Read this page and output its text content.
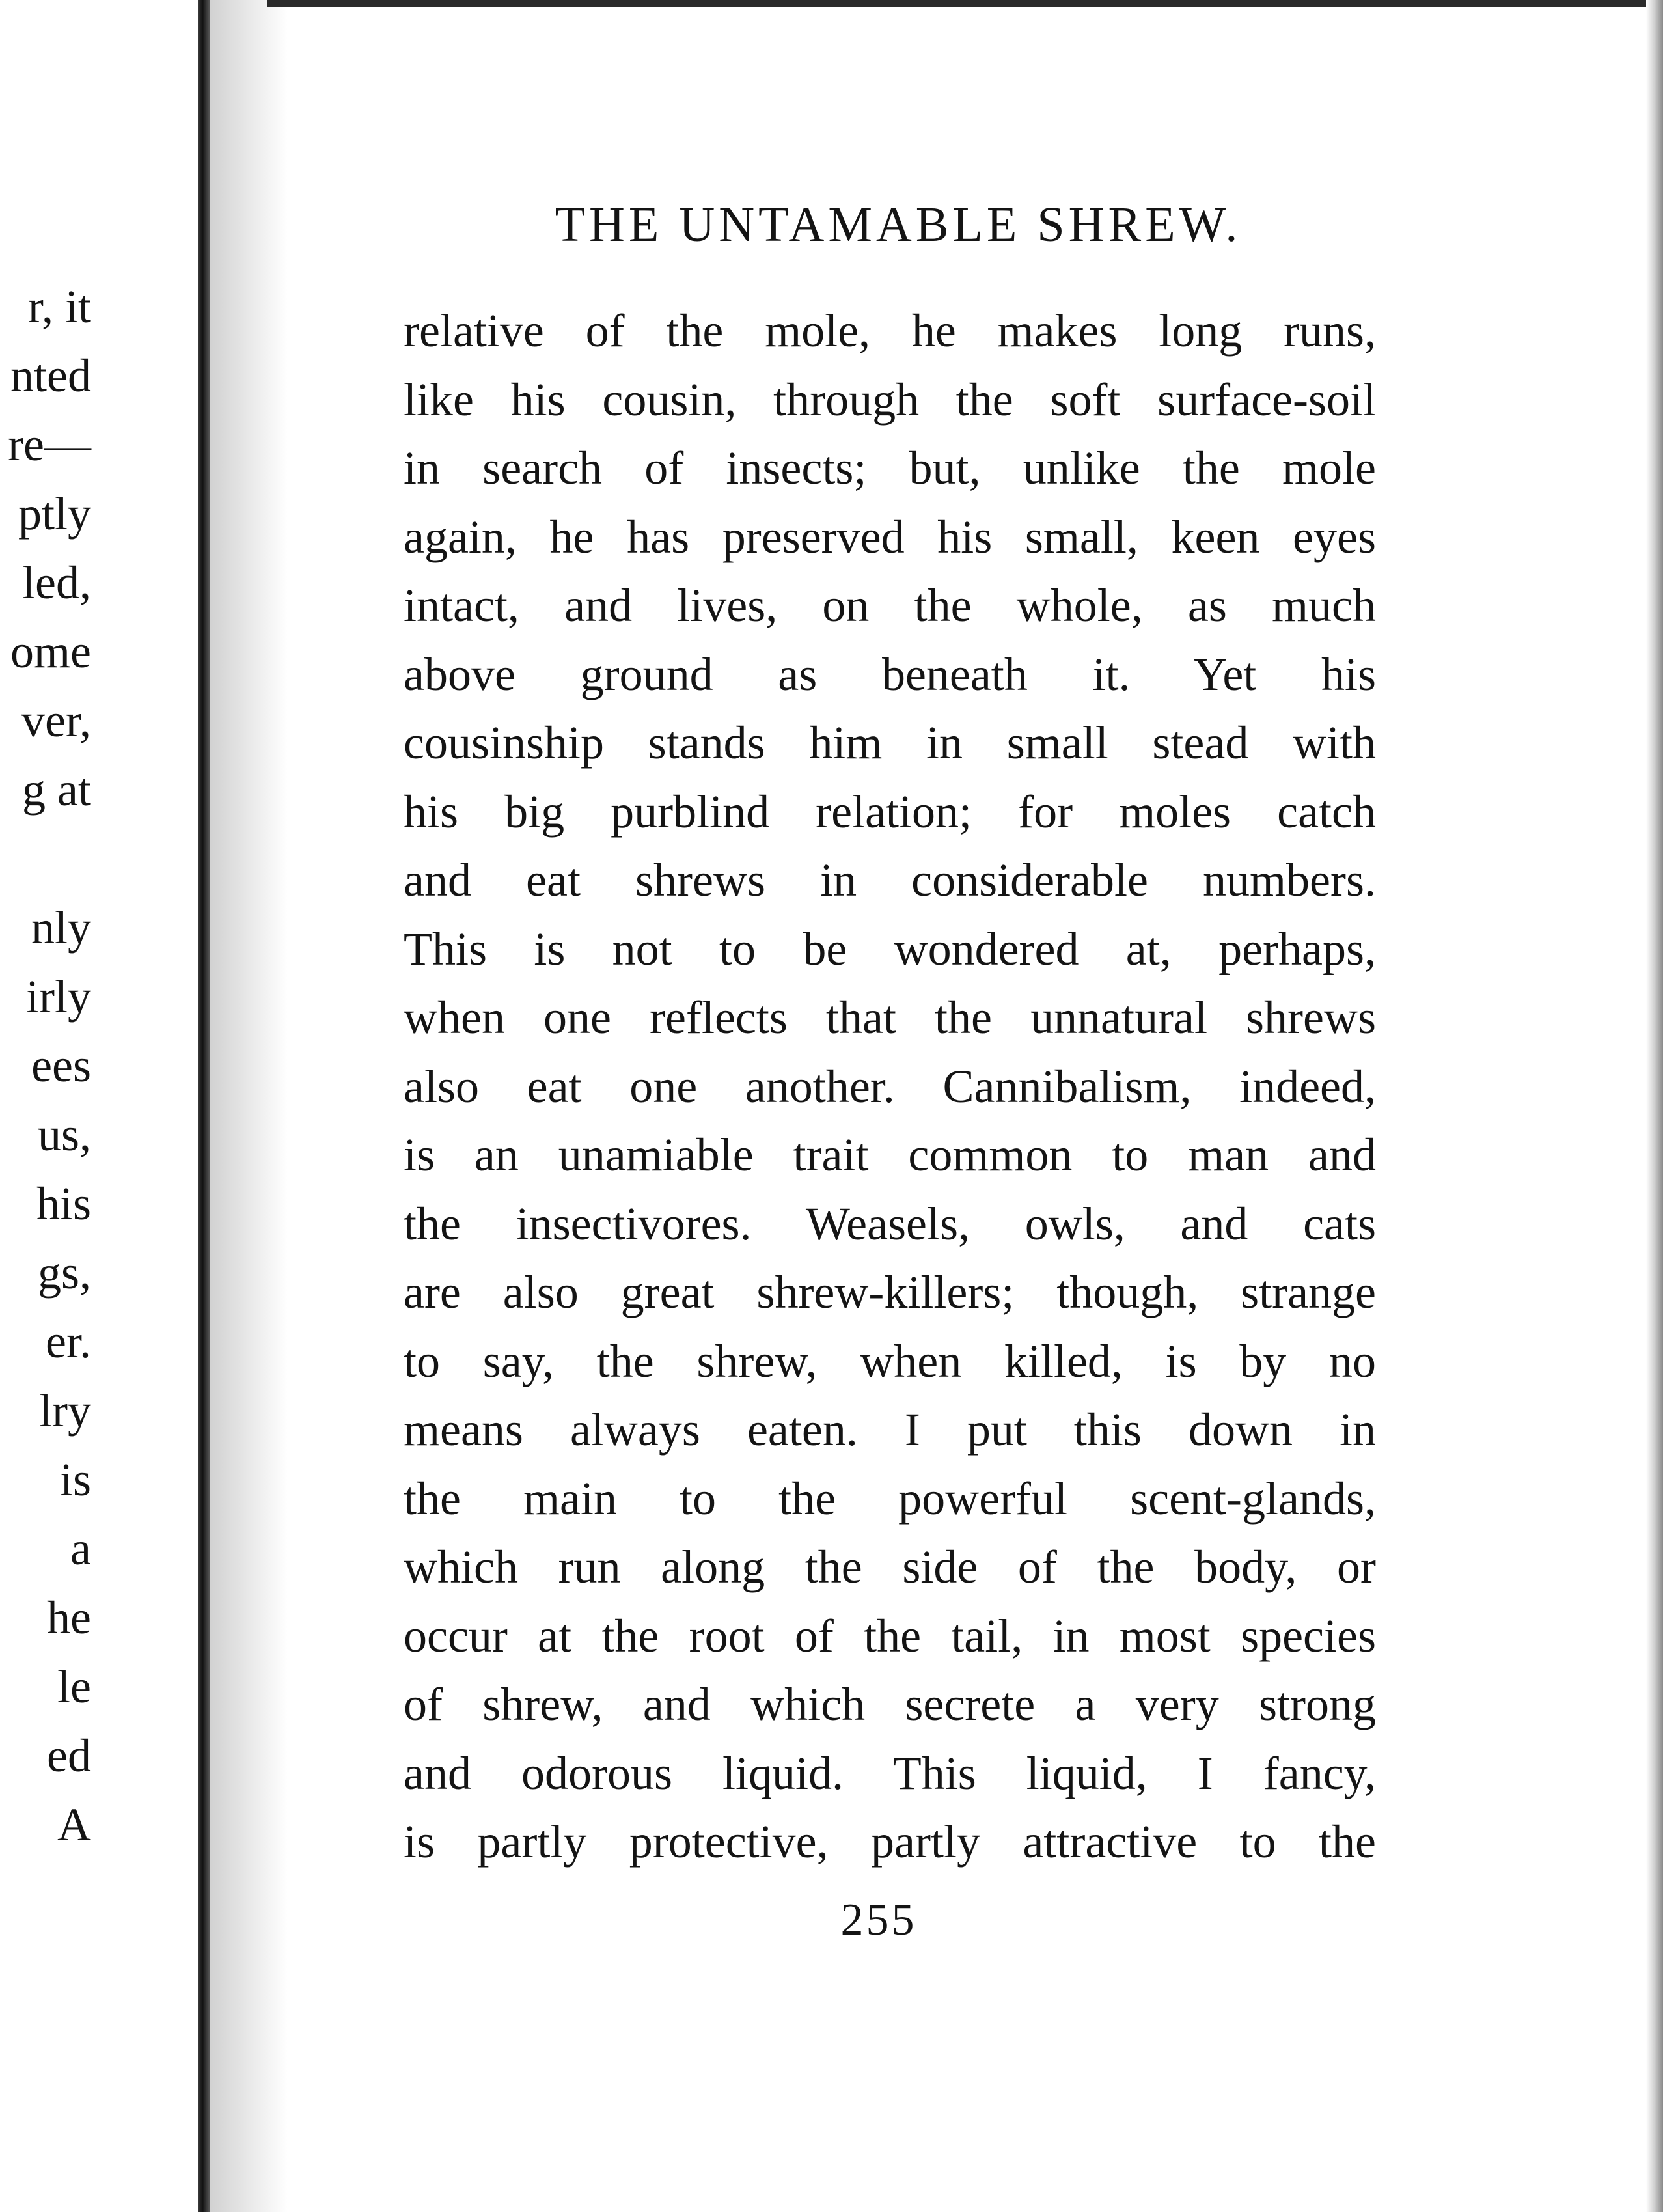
r, it
nted
re—
ptly
led,
ome
ver,
g at
nly
irly
ees
us,
his
gs,
er.
lry
is
a
he
le
ed
A
THE UNTAMABLE SHREW.
relative of the mole, he makes long runs,
like his cousin, through the soft surface-soil
in search of insects; but, unlike the mole
again, he has preserved his small, keen eyes
intact, and lives, on the whole, as much
above ground as beneath it. Yet his
cousinship stands him in small stead with
his big purblind relation; for moles catch
and eat shrews in considerable numbers.
This is not to be wondered at, perhaps,
when one reflects that the unnatural shrews
also eat one another. Cannibalism, indeed,
is an unamiable trait common to man and
the insectivores. Weasels, owls, and cats
are also great shrew-killers; though, strange
to say, the shrew, when killed, is by no
means always eaten. I put this down in
the main to the powerful scent-glands,
which run along the side of the body, or
occur at the root of the tail, in most species
of shrew, and which secrete a very strong
and odorous liquid. This liquid, I fancy,
is partly protective, partly attractive to the
255
